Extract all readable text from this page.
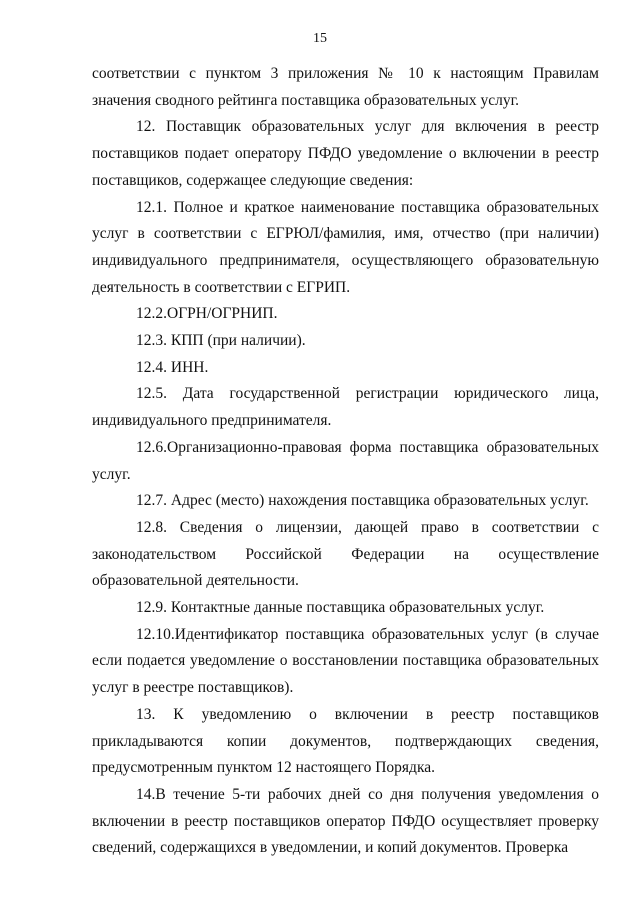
15

соответствии с пунктом 3 приложения № 10 к настоящим Правилам значения сводного рейтинга поставщика образовательных услуг.

12. Поставщик образовательных услуг для включения в реестр поставщиков подает оператору ПФДО уведомление о включении в реестр поставщиков, содержащее следующие сведения:

12.1. Полное и краткое наименование поставщика образовательных услуг в соответствии с ЕГРЮЛ/фамилия, имя, отчество (при наличии) индивидуального предпринимателя, осуществляющего образовательную деятельность в соответствии с ЕГРИП.

12.2.ОГРН/ОГРНИП.

12.3. КПП (при наличии).

12.4. ИНН.

12.5. Дата государственной регистрации юридического лица, индивидуального предпринимателя.

12.6.Организационно-правовая форма поставщика образовательных услуг.

12.7. Адрес (место) нахождения поставщика образовательных услуг.

12.8. Сведения о лицензии, дающей право в соответствии с законодательством Российской Федерации на осуществление образовательной деятельности.

12.9. Контактные данные поставщика образовательных услуг.

12.10.Идентификатор поставщика образовательных услуг (в случае если подается уведомление о восстановлении поставщика образовательных услуг в реестре поставщиков).

13. К уведомлению о включении в реестр поставщиков прикладываются копии документов, подтверждающих сведения, предусмотренным пунктом 12 настоящего Порядка.

14.В течение 5-ти рабочих дней со дня получения уведомления о включении в реестр поставщиков оператор ПФДО осуществляет проверку сведений, содержащихся в уведомлении, и копий документов. Проверка
